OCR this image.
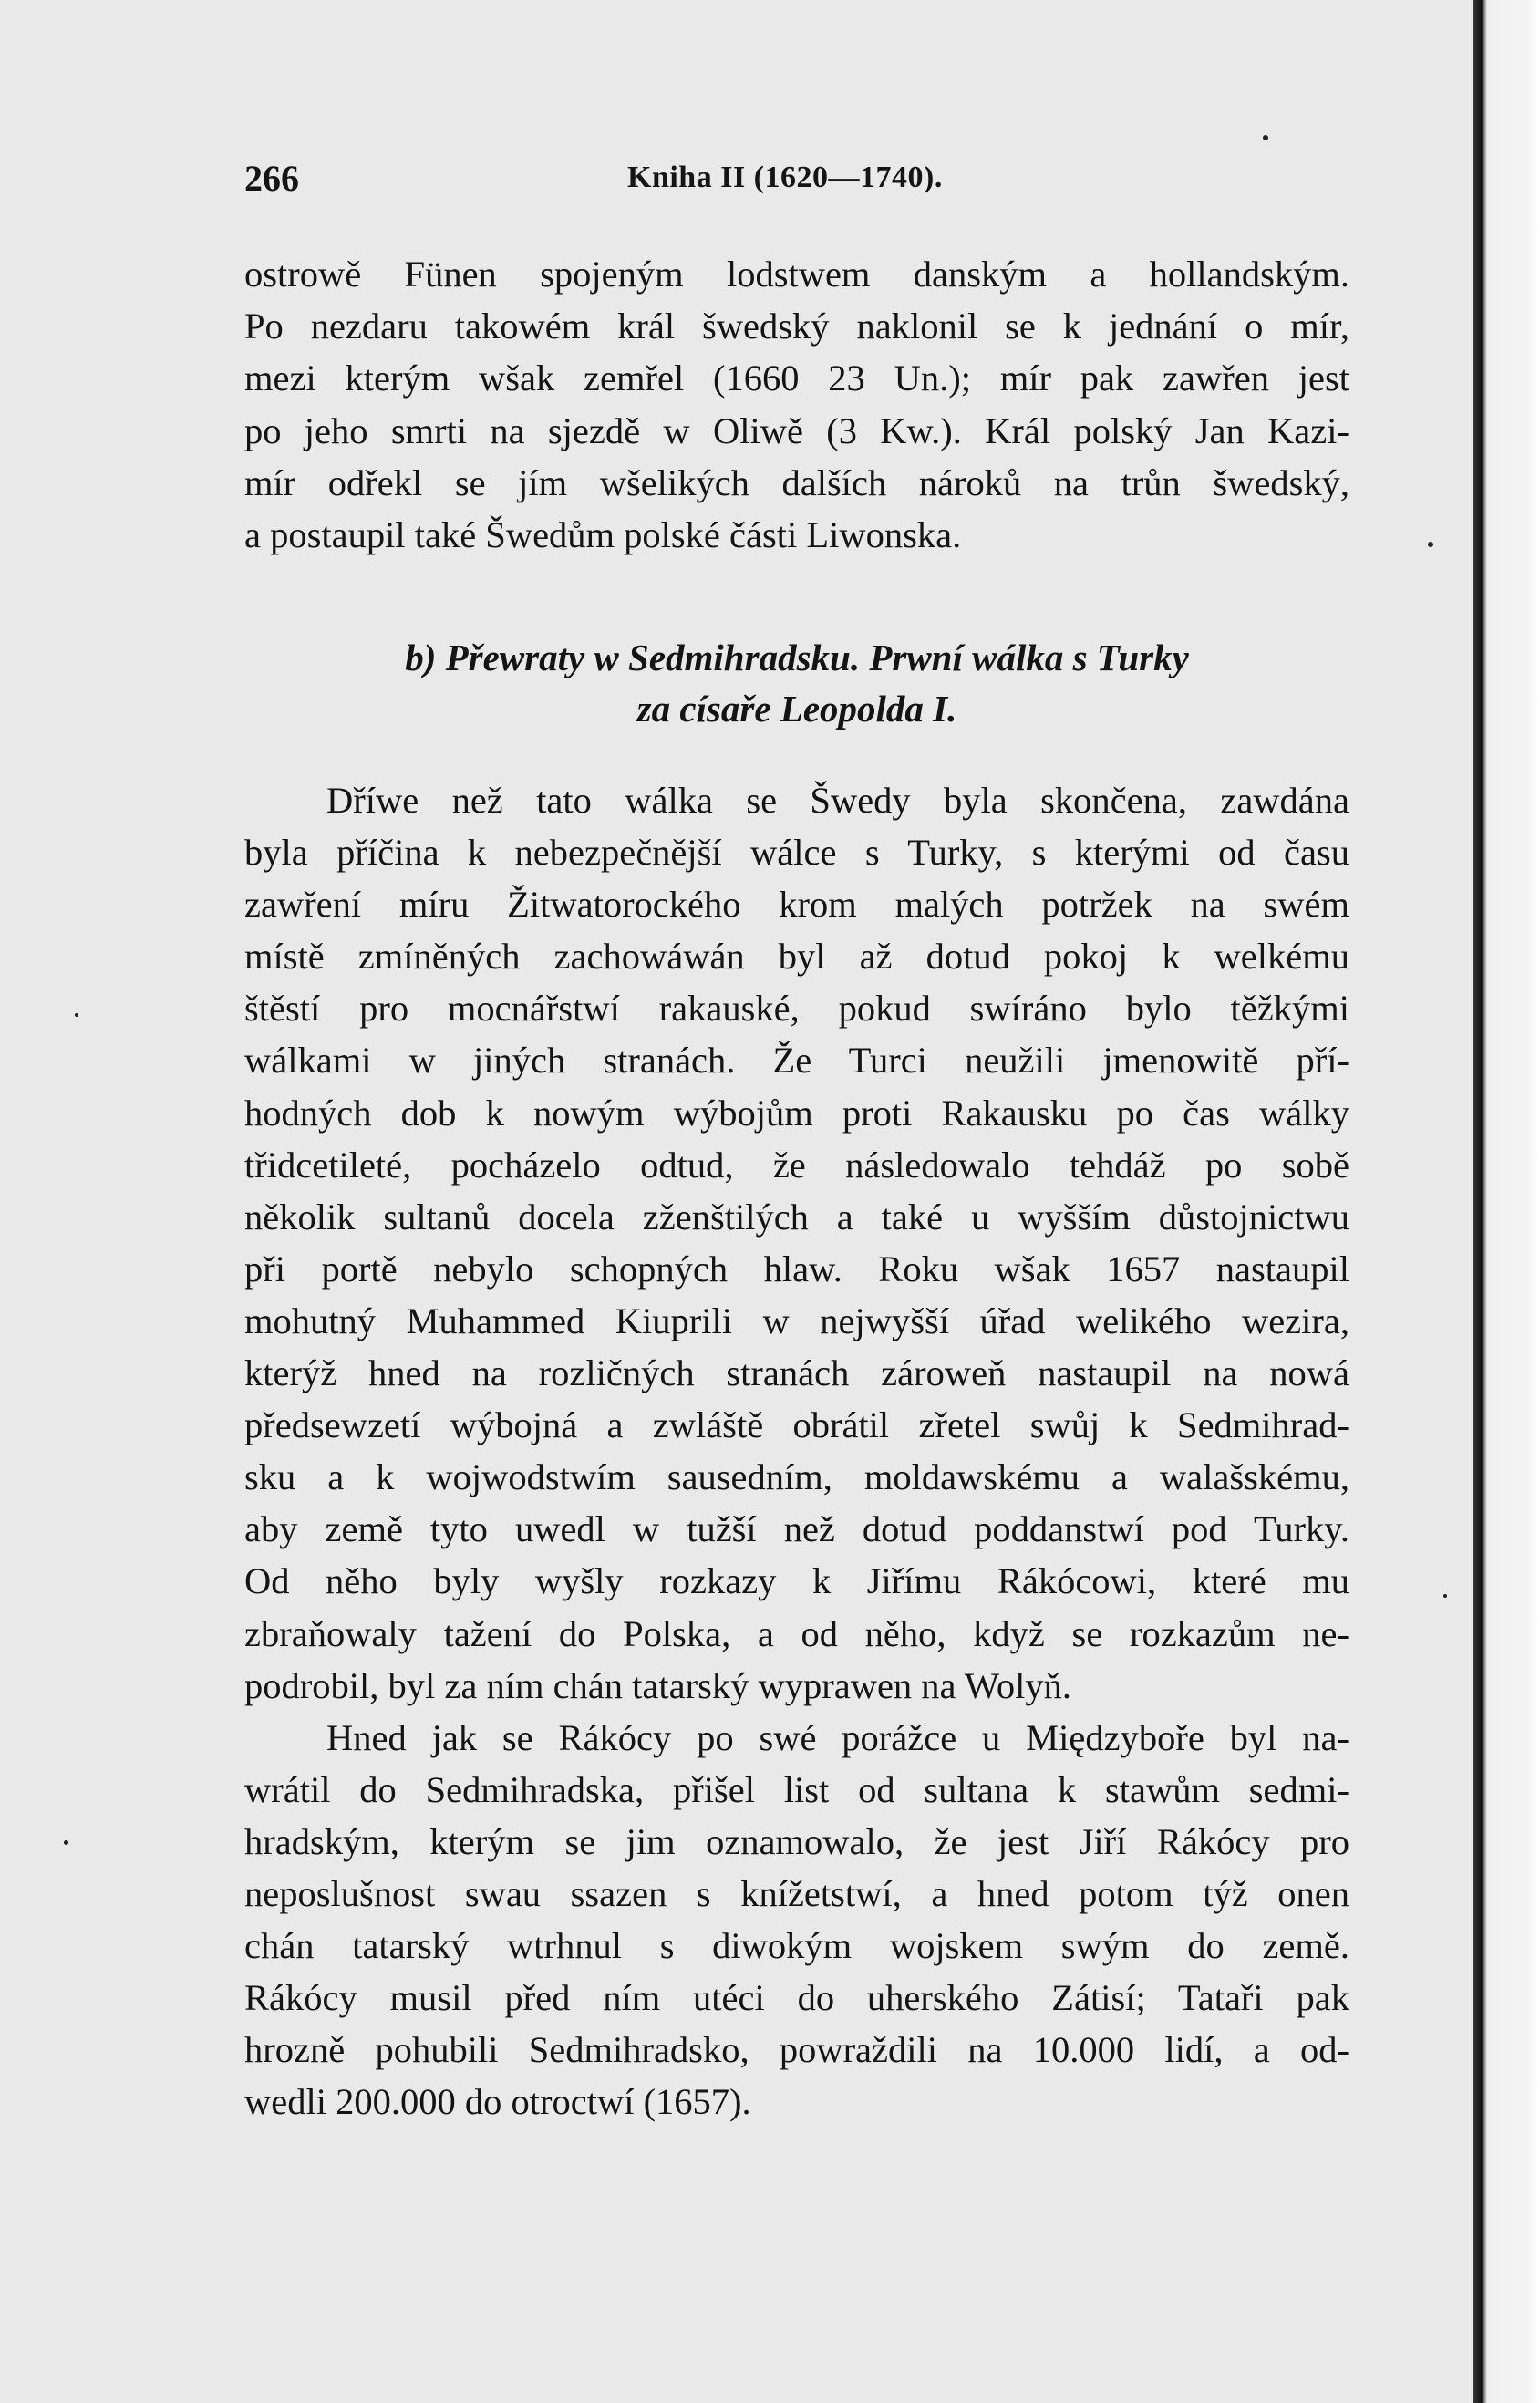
266	Kniha II (1620—1740).
ostrowě Fünen spojeným lodstwem danským a hollandským.
Po nezdaru takowém král šwedský naklonil se k jednání o mír,
mezi kterým wšak zemřel (1660 23 Un.); mír pak zawřen jest
po jeho smrti na sjezdě w Oliwě (3 Kw.). Král polský Jan Kazi-
mír odřekl se jím wšelikých dalších nároků na trůn šwedský,
a postaupil také Šwedům polské části Liwonska.
b) Přewraty w Sedmihradsku. Prwní wálka s Turky
za císaře Leopolda I.
Dříwe než tato wálka se Šwedy byla skončena, zawdána
byla příčina k nebezpečnější wálce s Turky, s kterými od času
zawření míru Žitwatorockého krom malých potržek na swém
místě zmíněných zachowáwán byl až dotud pokoj k welkému
štěstí pro mocnářstwí rakauské, pokud swíráno bylo těžkými
wálkami w jiných stranách. Že Turci neužili jmenowitě pří-
hodných dob k nowým wýbojům proti Rakausku po čas wálky
třidcetileté, pocházelo odtud, že následowalo tehdáž po sobě
několik sultanů docela zženštilých a také u wyšším důstojnictwu
při portě nebylo schopných hlaw. Roku wšak 1657 nastaupil
mohutný Muhammed Kiuprili w nejwyšší úřad welikého wezira,
kterýž hned na rozličných stranách zároweň nastaupil na nowá
předsewzetí wýbojná a zwláště obrátil zřetel swůj k Sedmihrad-
sku a k wojwodstwím sausedním, moldawskému a walašskému,
aby země tyto uwedl w tužší než dotud poddanstwí pod Turky.
Od něho byly wyšly rozkazy k Jiřímu Rákócowi, které mu
zbraňowaly tažení do Polska, a od něho, když se rozkazům ne-
podrobil, byl za ním chán tatarský wyprawen na Wolyň.
Hned jak se Rákócy po swé porážce u Międzyboře byl na-
wrátil do Sedmihradska, přišel list od sultana k stawům sedmi-
hradským, kterým se jim oznamowalo, že jest Jiří Rákócy pro
neposlušnost swau ssazen s knížetstwí, a hned potom týž onen
chán tatarský wtrhnul s diwokým wojskem swým do země.
Rákócy musil před ním utéci do uherského Zátisí; Tataři pak
hrozně pohubili Sedmihradsko, powraždili na 10.000 lidí, a od-
wedli 200.000 do otroctwí (1657).
